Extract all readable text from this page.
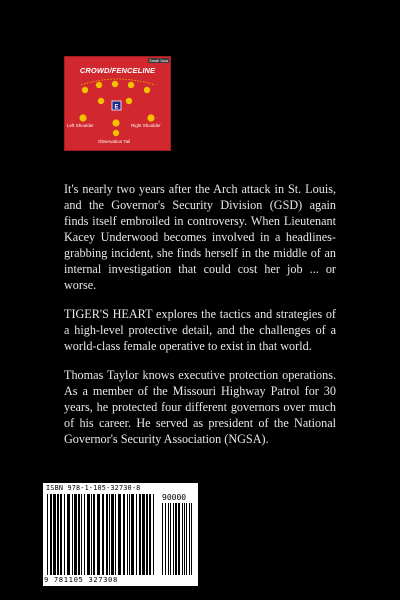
E
Small Swa
CROWD/FENCELINE
Left Shoulder	Right Shoulder
Observation Tail

It's nearly two years after the Arch attack in St. Louis, and the Governor's Security Division (GSD) again finds itself embroiled in controversy. When Lieutenant Kacey Underwood becomes involved in a headlines-grabbing incident, she finds herself in the middle of an internal investigation that could cost her job ... or worse.

TIGER'S HEART explores the tactics and strategies of a high-level protective detail, and the challenges of a world-class female operative to exist in that world.

Thomas Taylor knows executive protection operations. As a member of the Missouri Highway Patrol for 30 years, he protected four different governors over much of his career. He served as president of the National Governor's Security Association (NGSA).

ISBN 978-1-105-32730-8
90000
9 781105 327308
